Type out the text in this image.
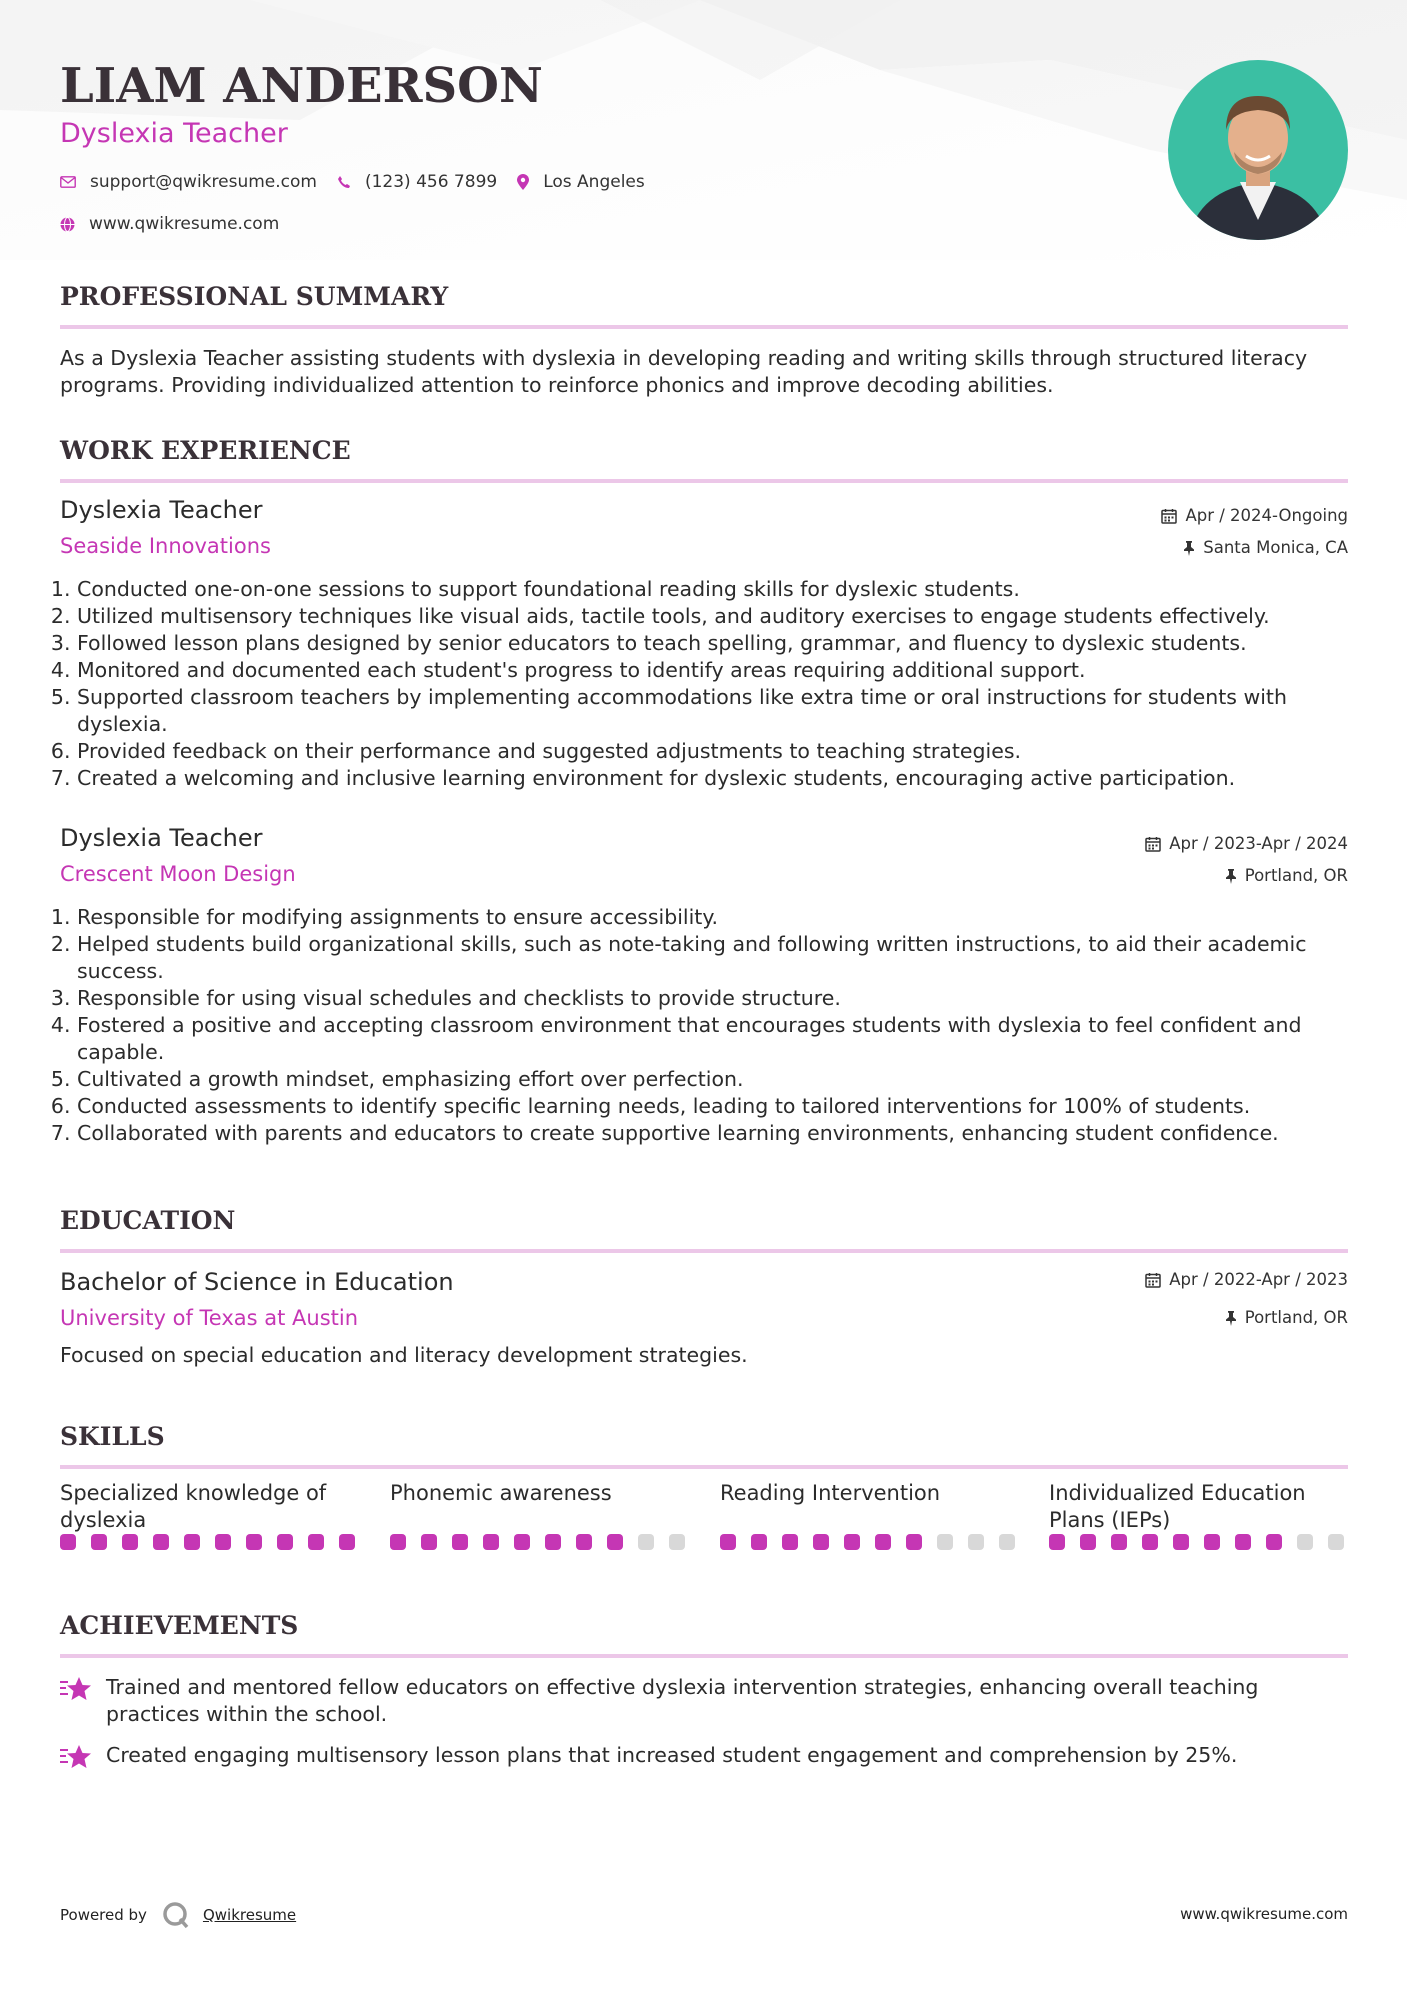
LIAM ANDERSON
Dyslexia Teacher
support@qwikresume.com	(123) 456 7899	Los Angeles
www.qwikresume.com
PROFESSIONAL SUMMARY
As a Dyslexia Teacher assisting students with dyslexia in developing reading and writing skills through structured literacy programs. Providing individualized attention to reinforce phonics and improve decoding abilities.
WORK EXPERIENCE
Dyslexia Teacher	Apr / 2024-Ongoing
Seaside Innovations	Santa Monica, CA
1. Conducted one-on-one sessions to support foundational reading skills for dyslexic students.
2. Utilized multisensory techniques like visual aids, tactile tools, and auditory exercises to engage students effectively.
3. Followed lesson plans designed by senior educators to teach spelling, grammar, and fluency to dyslexic students.
4. Monitored and documented each student's progress to identify areas requiring additional support.
5. Supported classroom teachers by implementing accommodations like extra time or oral instructions for students with dyslexia.
6. Provided feedback on their performance and suggested adjustments to teaching strategies.
7. Created a welcoming and inclusive learning environment for dyslexic students, encouraging active participation.
Dyslexia Teacher	Apr / 2023-Apr / 2024
Crescent Moon Design	Portland, OR
1. Responsible for modifying assignments to ensure accessibility.
2. Helped students build organizational skills, such as note-taking and following written instructions, to aid their academic success.
3. Responsible for using visual schedules and checklists to provide structure.
4. Fostered a positive and accepting classroom environment that encourages students with dyslexia to feel confident and capable.
5. Cultivated a growth mindset, emphasizing effort over perfection.
6. Conducted assessments to identify specific learning needs, leading to tailored interventions for 100% of students.
7. Collaborated with parents and educators to create supportive learning environments, enhancing student confidence.
EDUCATION
Bachelor of Science in Education	Apr / 2022-Apr / 2023
University of Texas at Austin	Portland, OR
Focused on special education and literacy development strategies.
SKILLS
Specialized knowledge of dyslexia
Phonemic awareness	Reading Intervention	Individualized Education Plans (IEPs)
ACHIEVEMENTS
Trained and mentored fellow educators on effective dyslexia intervention strategies, enhancing overall teaching practices within the school.
Created engaging multisensory lesson plans that increased student engagement and comprehension by 25%.
Powered by	Qwikresume	www.qwikresume.com
